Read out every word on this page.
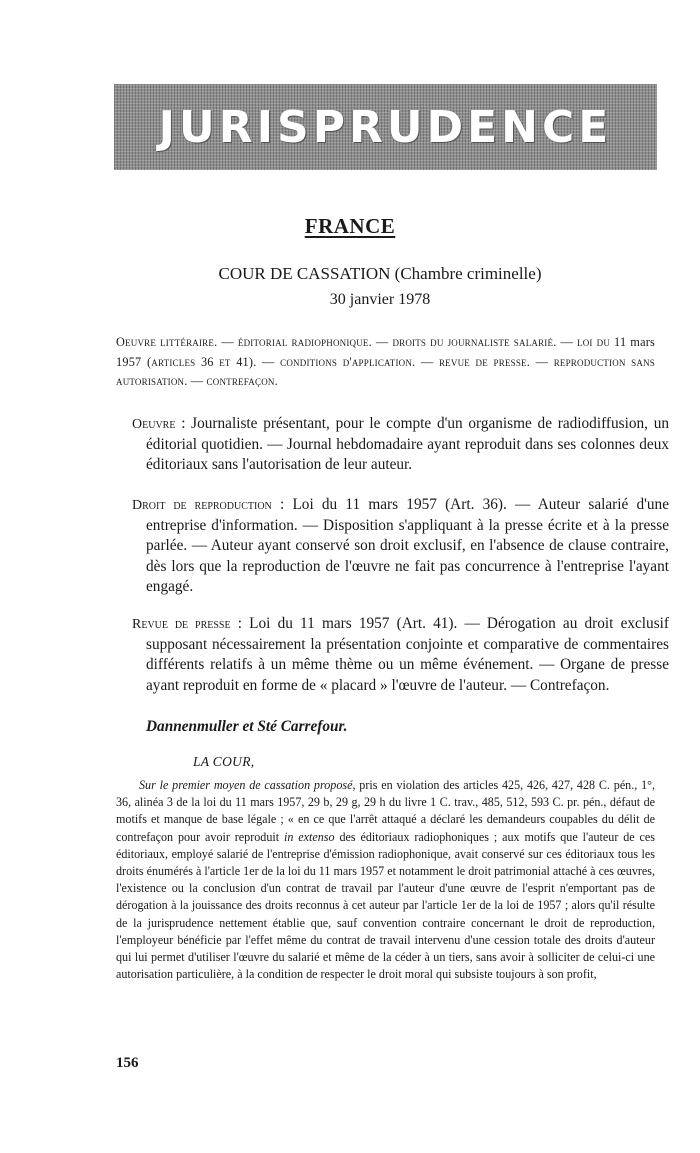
JURISPRUDENCE
FRANCE
COUR DE CASSATION (Chambre criminelle)
30 janvier 1978
Oeuvre littéraire. — éditorial radiophonique. — droits du journaliste salarié. — loi du 11 mars 1957 (articles 36 et 41). — conditions d'application. — revue de presse. — reproduction sans autorisation. — contrefaçon.
Oeuvre : Journaliste présentant, pour le compte d'un organisme de radiodiffusion, un éditorial quotidien. — Journal hebdomadaire ayant reproduit dans ses colonnes deux éditoriaux sans l'autorisation de leur auteur.
Droit de reproduction : Loi du 11 mars 1957 (Art. 36). — Auteur salarié d'une entreprise d'information. — Disposition s'appliquant à la presse écrite et à la presse parlée. — Auteur ayant conservé son droit exclusif, en l'absence de clause contraire, dès lors que la reproduction de l'œuvre ne fait pas concurrence à l'entreprise l'ayant engagé.
Revue de presse : Loi du 11 mars 1957 (Art. 41). — Dérogation au droit exclusif supposant nécessairement la présentation conjointe et comparative de commentaires différents relatifs à un même thème ou un même événement. — Organe de presse ayant reproduit en forme de « placard » l'œuvre de l'auteur. — Contrefaçon.
Dannenmuller et Sté Carrefour.
LA COUR,
Sur le premier moyen de cassation proposé, pris en violation des articles 425, 426, 427, 428 C. pén., 1°, 36, alinéa 3 de la loi du 11 mars 1957, 29 b, 29 g, 29 h du livre 1 C. trav., 485, 512, 593 C. pr. pén., défaut de motifs et manque de base légale ; « en ce que l'arrêt attaqué a déclaré les demandeurs coupables du délit de contrefaçon pour avoir reproduit in extenso des éditoriaux radiophoniques ; aux motifs que l'auteur de ces éditoriaux, employé salarié de l'entreprise d'émission radiophonique, avait conservé sur ces éditoriaux tous les droits énumérés à l'article 1er de la loi du 11 mars 1957 et notamment le droit patrimonial attaché à ces œuvres, l'existence ou la conclusion d'un contrat de travail par l'auteur d'une œuvre de l'esprit n'emportant pas de dérogation à la jouissance des droits reconnus à cet auteur par l'article 1er de la loi de 1957 ; alors qu'il résulte de la jurisprudence nettement établie que, sauf convention contraire concernant le droit de reproduction, l'employeur bénéficie par l'effet même du contrat de travail intervenu d'une cession totale des droits d'auteur qui lui permet d'utiliser l'œuvre du salarié et même de la céder à un tiers, sans avoir à solliciter de celui-ci une autorisation particulière, à la condition de respecter le droit moral qui subsiste toujours à son profit,
156
